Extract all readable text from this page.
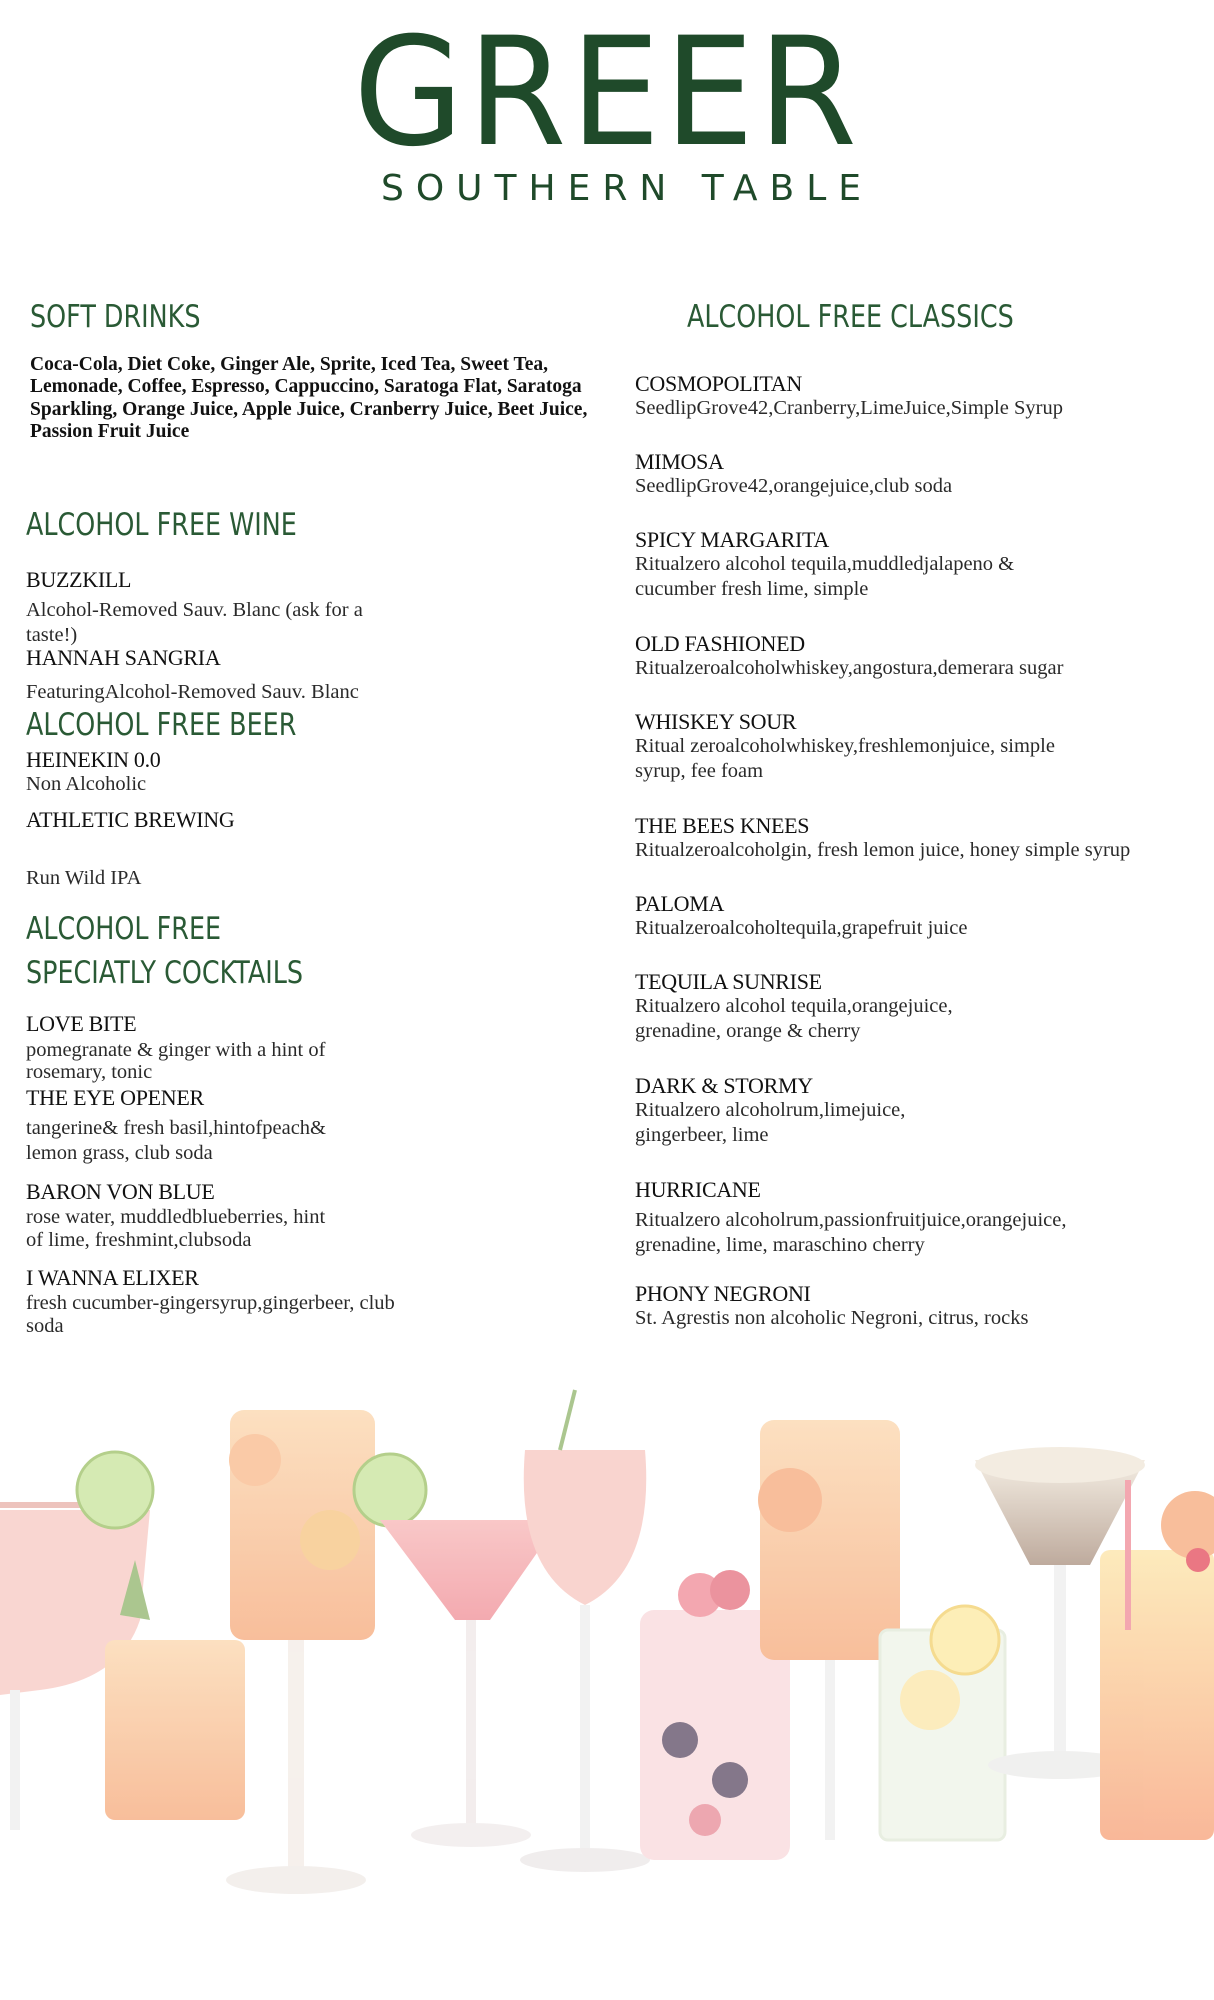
GREER
SOUTHERN TABLE
SOFT DRINKS
Coca-Cola, Diet Coke, Ginger Ale, Sprite, Iced Tea, Sweet Tea, Lemonade, Coffee, Espresso, Cappuccino, Saratoga Flat, Saratoga Sparkling, Orange Juice, Apple Juice, Cranberry Juice, Beet Juice, Passion Fruit Juice
ALCOHOL FREE WINE
BUZZKILL
Alcohol-Removed Sauv. Blanc (ask for a taste!)
HANNAH SANGRIA
FeaturingAlcohol-Removed Sauv. Blanc
ALCOHOL FREE BEER
HEINEKIN 0.0
Non Alcoholic
ATHLETIC BREWING
Run Wild IPA
ALCOHOL FREE
SPECIATLY COCKTAILS
LOVE BITE
pomegranate & ginger with a hint of rosemary, tonic
THE EYE OPENER
tangerine& fresh basil,hintofpeach& lemon grass, club soda
BARON VON BLUE
rose water, muddledblueberries, hint of lime, freshmint,clubsoda
I WANNA ELIXER
fresh cucumber-gingersyrup,gingerbeer, club soda
ALCOHOL FREE CLASSICS
COSMOPOLITAN
SeedlipGrove42,Cranberry,LimeJuice,Simple Syrup
MIMOSA
SeedlipGrove42,orangejuice,club soda
SPICY MARGARITA
Ritualzero alcohol tequila,muddledjalapeno & cucumber fresh lime, simple
OLD FASHIONED
Ritualzeroalcoholwhiskey,angostura,demerara sugar
WHISKEY SOUR
Ritual zeroalcoholwhiskey,freshlemonjuice, simple syrup, fee foam
THE BEES KNEES
Ritualzeroalcoholgin, fresh lemon juice, honey simple syrup
PALOMA
Ritualzeroalcoholtequila,grapefruit juice
TEQUILA SUNRISE
Ritualzero alcohol tequila,orangejuice, grenadine, orange & cherry
DARK & STORMY
Ritualzero alcoholrum,limejuice, gingerbeer, lime
HURRICANE
Ritualzero alcoholrum,passionfruitjuice,orangejuice, grenadine, lime, maraschino cherry
PHONY NEGRONI
St. Agrestis non alcoholic Negroni, citrus, rocks
